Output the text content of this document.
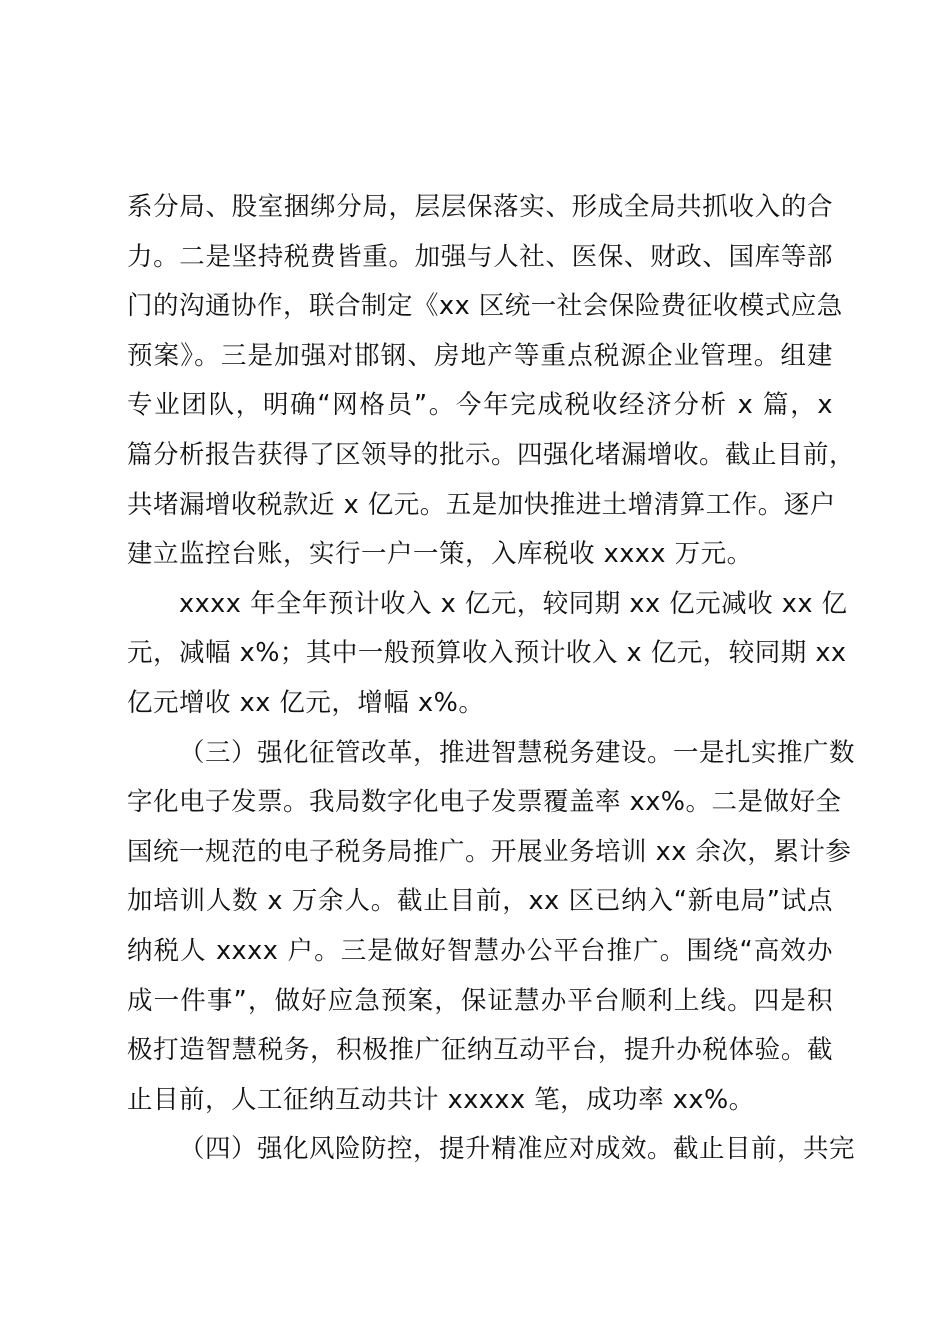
系分局、股室捆绑分局，层层保落实、形成全局共抓收入的合
力。二是坚持税费皆重。加强与人社、医保、财政、国库等部
门的沟通协作，联合制定《xx 区统一社会保险费征收模式应急
预案》。三是加强对邯钢、房地产等重点税源企业管理。组建
专业团队，明确“网格员”。今年完成税收经济分析 x 篇，x
篇分析报告获得了区领导的批示。四强化堵漏增收。截止目前，
共堵漏增收税款近 x 亿元。五是加快推进土增清算工作。逐户
建立监控台账，实行一户一策，入库税收 xxxx 万元。
xxxx 年全年预计收入 x 亿元，较同期 xx 亿元减收 xx 亿
元，减幅 x%；其中一般预算收入预计收入 x 亿元，较同期 xx
亿元增收 xx 亿元，增幅 x%。
（三）强化征管改革，推进智慧税务建设。一是扎实推广数
字化电子发票。我局数字化电子发票覆盖率 xx%。二是做好全
国统一规范的电子税务局推广。开展业务培训 xx 余次，累计参
加培训人数 x 万余人。截止目前，xx 区已纳入“新电局”试点
纳税人 xxxx 户。三是做好智慧办公平台推广。围绕“高效办
成一件事”，做好应急预案，保证慧办平台顺利上线。四是积
极打造智慧税务，积极推广征纳互动平台，提升办税体验。截
止目前，人工征纳互动共计 xxxxx 笔，成功率 xx%。
（四）强化风险防控，提升精准应对成效。截止目前，共完
